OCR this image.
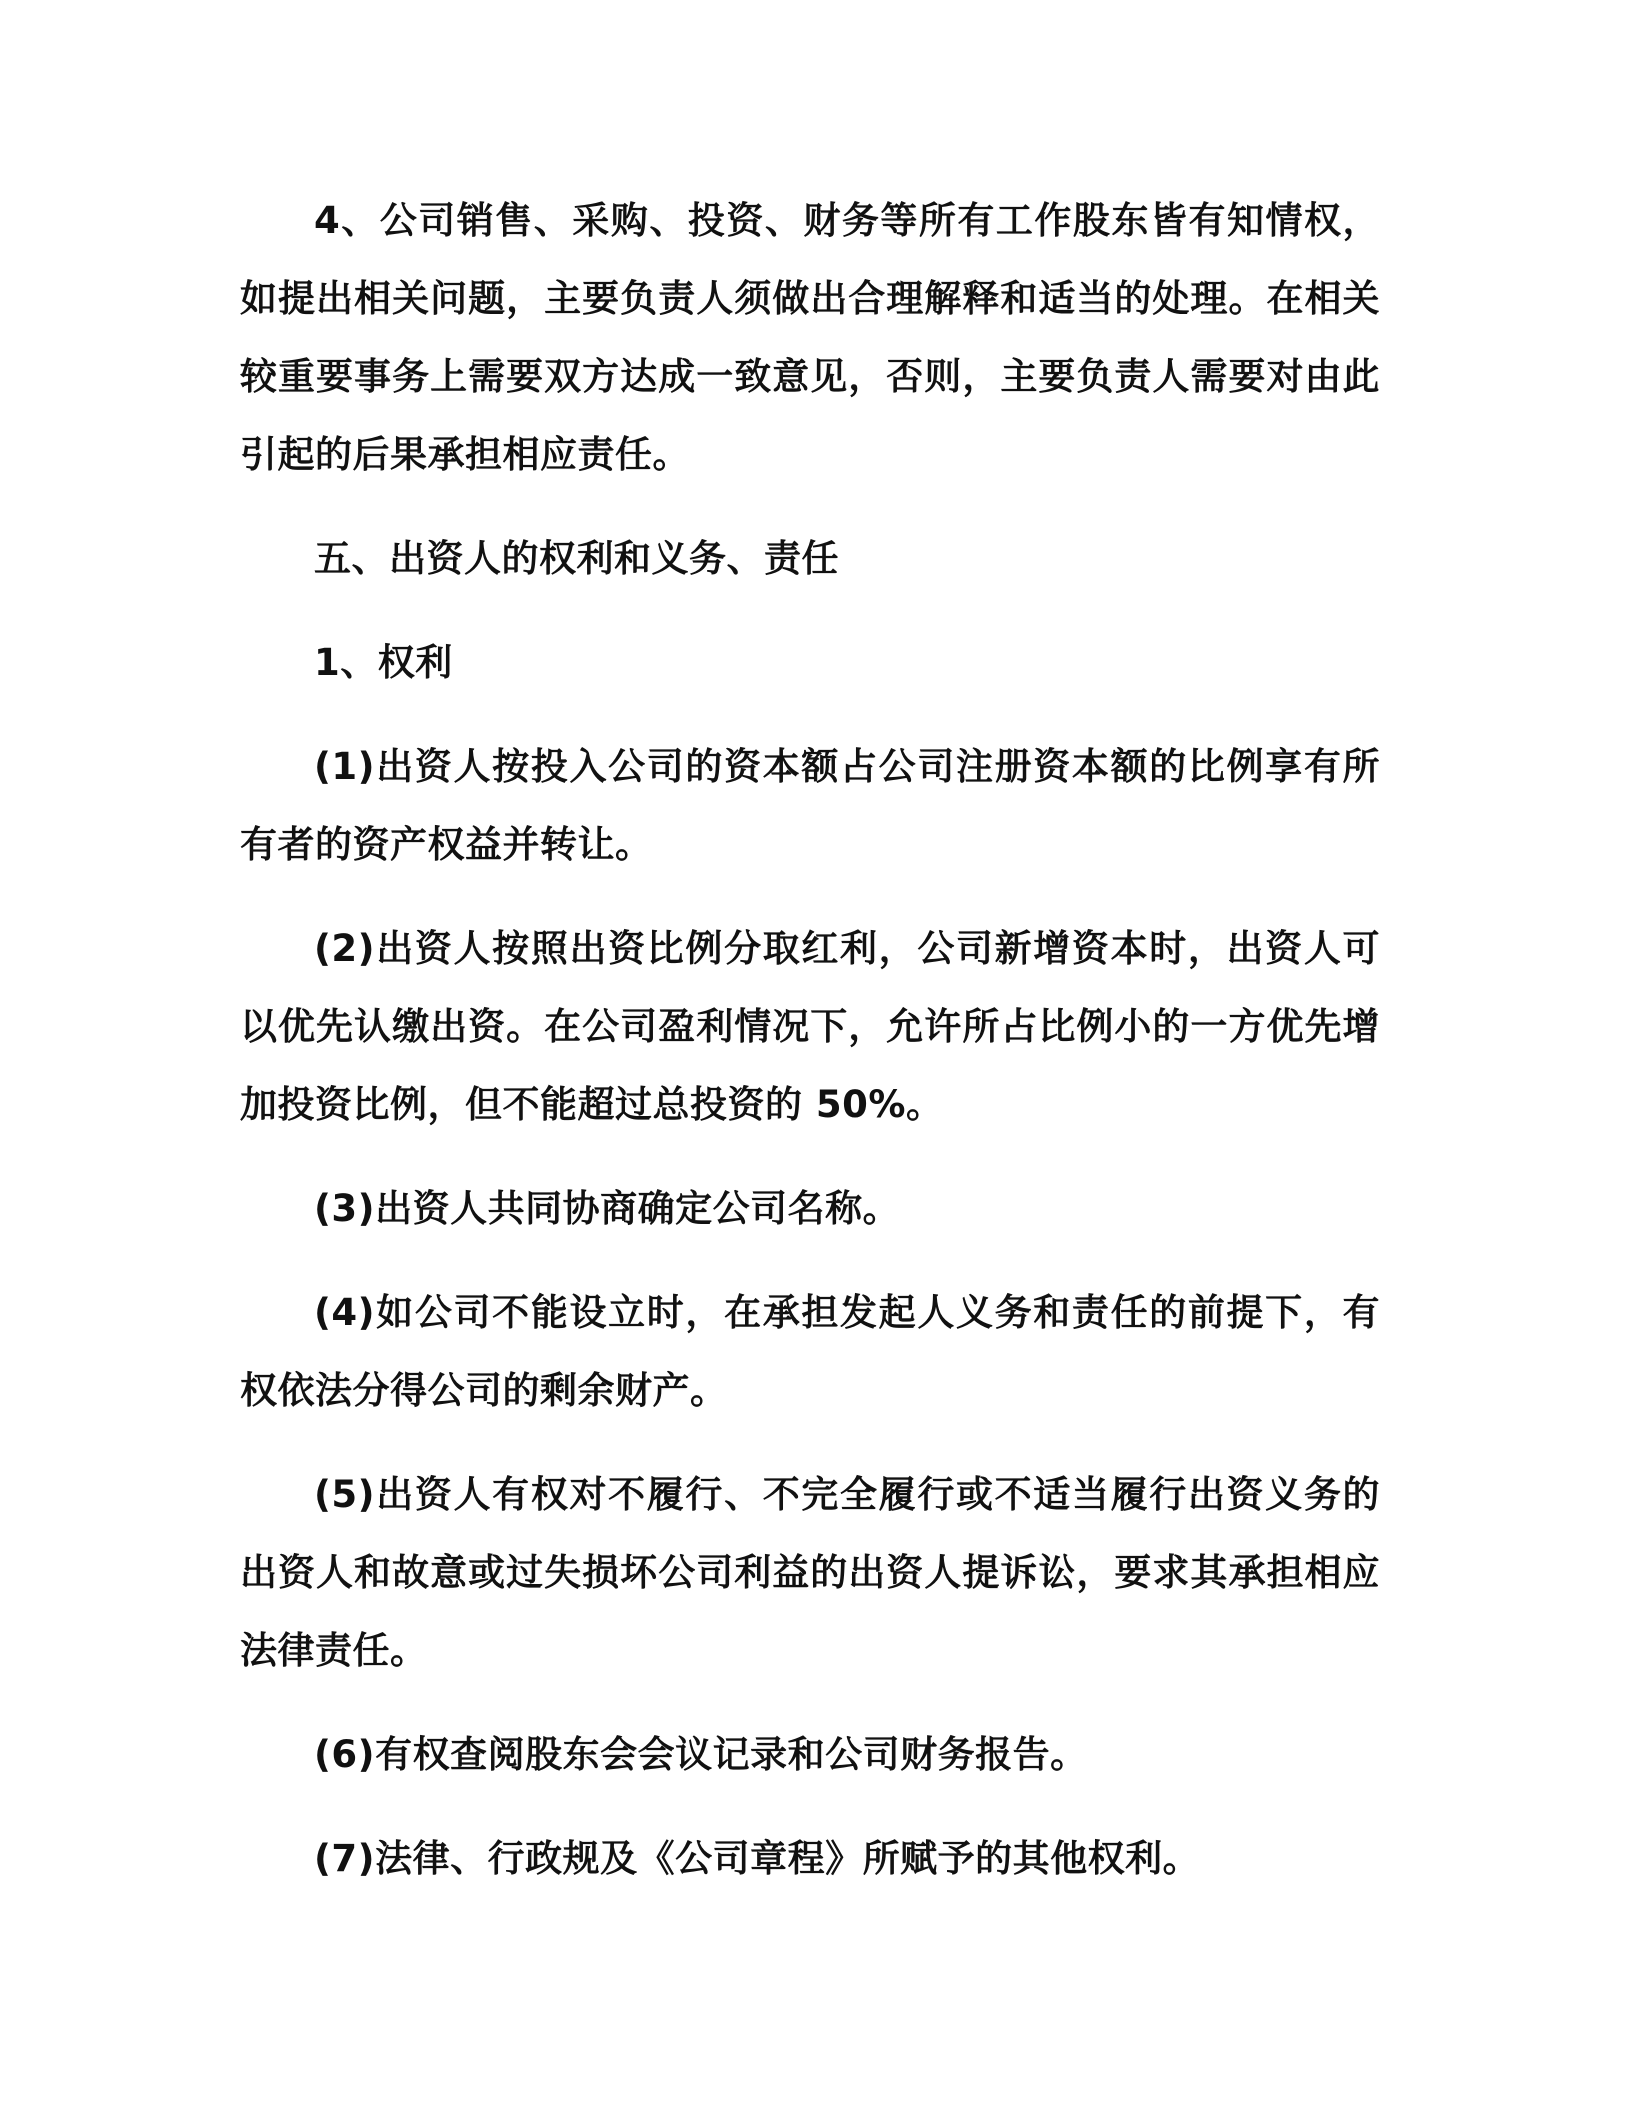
4、公司销售、采购、投资、财务等所有工作股东皆有知情权，如提出相关问题，主要负责人须做出合理解释和适当的处理。在相关较重要事务上需要双方达成一致意见，否则，主要负责人需要对由此引起的后果承担相应责任。

五、出资人的权利和义务、责任

1、权利

(1)出资人按投入公司的资本额占公司注册资本额的比例享有所有者的资产权益并转让。

(2)出资人按照出资比例分取红利，公司新增资本时，出资人可以优先认缴出资。在公司盈利情况下，允许所占比例小的一方优先增加投资比例，但不能超过总投资的 50%。

(3)出资人共同协商确定公司名称。

(4)如公司不能设立时，在承担发起人义务和责任的前提下，有权依法分得公司的剩余财产。

(5)出资人有权对不履行、不完全履行或不适当履行出资义务的出资人和故意或过失损坏公司利益的出资人提诉讼，要求其承担相应法律责任。

(6)有权查阅股东会会议记录和公司财务报告。

(7)法律、行政规及《公司章程》所赋予的其他权利。
